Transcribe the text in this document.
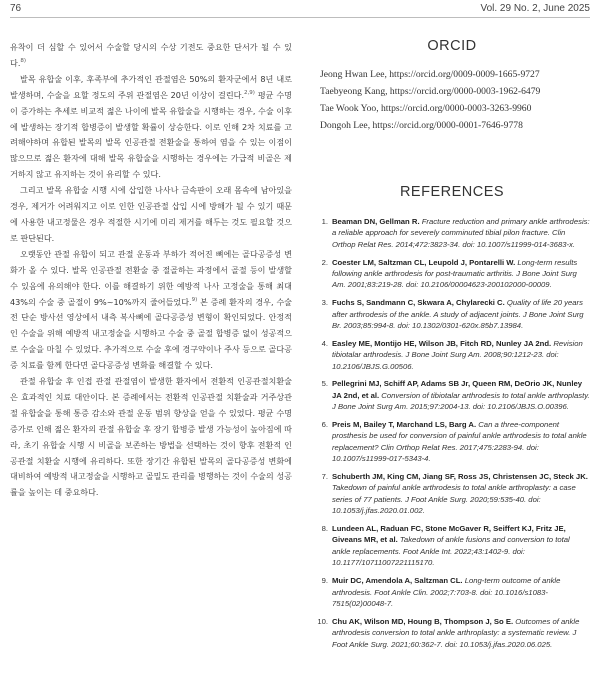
76	Vol. 29 No. 2, June 2025

유착이 더 심할 수 있어서 수술할 당시의 수상 기전도 중요한 단서가 될 수 있다.$^{8)}$

발목 유합술 이후, 후족부에 추가적인 관절염은 50%의 환자군에서 8년 내로 발생하며, 수술을 요할 정도의 주위 관절염은 20년 이상이 걸린다.$^{2,9)}$ 평균 수명이 증가하는 추세로 비교적 젊은 나이에 발목 유합술을 시행하는 경우, 수술 이후에 발생하는 장기적 합병증이 발생할 확률이 상승한다. 이로 인해 2차 치료를 고려해야하며 유합된 발목의 발목 인공관절 전환술을 통하여 염을 수 있는 이점이 많으므로 젊은 환자에 대해 발목 유합술을 시행하는 경우에는 가급적 비골은 제거하지 않고 유지하는 것이 유리할 수 있다.

그리고 발목 유합술 시행 시에 삽입한 나사나 금속판이 오래 몸속에 남아있을 경우, 제거가 어려워지고 이로 인한 인공관절 삽입 시에 방해가 될 수 있기 때문에 사용한 내고정물은 경우 적절한 시기에 미리 제거를 해두는 것도 필요할 것으로 판단된다.

오랫동안 관절 유합이 되고 관절 운동과 부하가 적어진 뼈에는 골다공증성 변화가 올 수 있다. 발목 인공관절 전환술 중 절골하는 과정에서 골절 등이 발생할 수 있음에 유의해야 한다. 이를 해결하기 위한 예방적 나사 고정술을 통해 최대 43%의 수술 중 골절이 9%~10%까지 줄어들었다.$^{9)}$ 본 증례 환자의 경우, 수술 전 단순 방사선 영상에서 내측 복사뼈에 골다공증성 변형이 확인되었다. 안정적인 수술을 위해 예방적 내고정술을 시행하고 수술 중 골절 합병증 없이 성공적으로 수술을 마칠 수 있었다. 추가적으로 수술 후에 경구약이나 주사 등으로 골다공증 치료를 함께 한다면 골다공증성 변화를 해결할 수 있다.

관절 유합술 후 인접 관절 관절염이 발생한 환자에서 전환적 인공관절치환술은 효과적인 치료 대안이다. 본 증례에서는 전환적 인공관절 치환술과 거주상관절 유합술을 통해 통증 감소와 관절 운동 범위 향상을 얻을 수 있었다. 평균 수명 증가로 인해 젊은 환자의 관절 유합술 후 장기 합병증 발생 가능성이 높아짐에 따라, 초기 유합술 시행 시 비골을 보존하는 방법을 선택하는 것이 향후 전환적 인공관절 치환술 시행에 유리하다. 또한 장기간 유합된 발목의 골다공증성 변화에 대비하여 예방적 내고정술을 시행하고 골밀도 관리를 병행하는 것이 수술의 성공률을 높이는 데 중요하다.

ORCID
Jeong Hwan Lee, https://orcid.org/0009-0009-1665-9727
Taebyeong Kang, https://orcid.org/0000-0003-1962-6479
Tae Wook Yoo, https://orcid.org/0000-0003-3263-9960
Dongoh Lee, https://orcid.org/0000-0001-7646-9778
REFERENCES
1. Beaman DN, Gellman R. Fracture reduction and primary ankle arthrodesis: a reliable approach for severely comminuted tibial pilon fracture. Clin Orthop Relat Res. 2014;472:3823-34. doi: 10.1007/s11999-014-3683-x.
2. Coester LM, Saltzman CL, Leupold J, Pontarelli W. Long-term results following ankle arthrodesis for post-traumatic arthritis. J Bone Joint Surg Am. 2001;83:219-28. doi: 10.2106/00004623-200102000-00009.
3. Fuchs S, Sandmann C, Skwara A, Chylarecki C. Quality of life 20 years after arthrodesis of the ankle. A study of adjacent joints. J Bone Joint Surg Br. 2003;85:994-8. doi: 10.1302/0301-620x.85b7.13984.
4. Easley ME, Montijo HE, Wilson JB, Fitch RD, Nunley JA 2nd. Revision tibiotalar arthrodesis. J Bone Joint Surg Am. 2008;90:1212-23. doi: 10.2106/JBJS.G.00506.
5. Pellegrini MJ, Schiff AP, Adams SB Jr, Queen RM, DeOrio JK, Nunley JA 2nd, et al. Conversion of tibiotalar arthrodesis to total ankle arthroplasty. J Bone Joint Surg Am. 2015;97:2004-13. doi: 10.2106/JBJS.O.00396.
6. Preis M, Bailey T, Marchand LS, Barg A. Can a three-component prosthesis be used for conversion of painful ankle arthrodesis to total ankle replacement? Clin Orthop Relat Res. 2017;475:2283-94. doi: 10.1007/s11999-017-5343-4.
7. Schuberth JM, King CM, Jiang SF, Ross JS, Christensen JC, Steck JK. Takedown of painful ankle arthrodesis to total ankle arthroplasty: a case series of 77 patients. J Foot Ankle Surg. 2020;59:535-40. doi: 10.1053/j.jfas.2020.01.002.
8. Lundeen AL, Raduan FC, Stone McGaver R, Seiffert KJ, Fritz JE, Giveans MR, et al. Takedown of ankle fusions and conversion to total ankle replacements. Foot Ankle Int. 2022;43:1402-9. doi: 10.1177/10711007221115170.
9. Muir DC, Amendola A, Saltzman CL. Long-term outcome of ankle arthrodesis. Foot Ankle Clin. 2002;7:703-8. doi: 10.1016/s1083-7515(02)00048-7.
10. Chu AK, Wilson MD, Houng B, Thompson J, So E. Outcomes of ankle arthrodesis conversion to total ankle arthroplasty: a systematic review. J Foot Ankle Surg. 2021;60:362-7. doi: 10.1053/j.jfas.2020.06.025.
